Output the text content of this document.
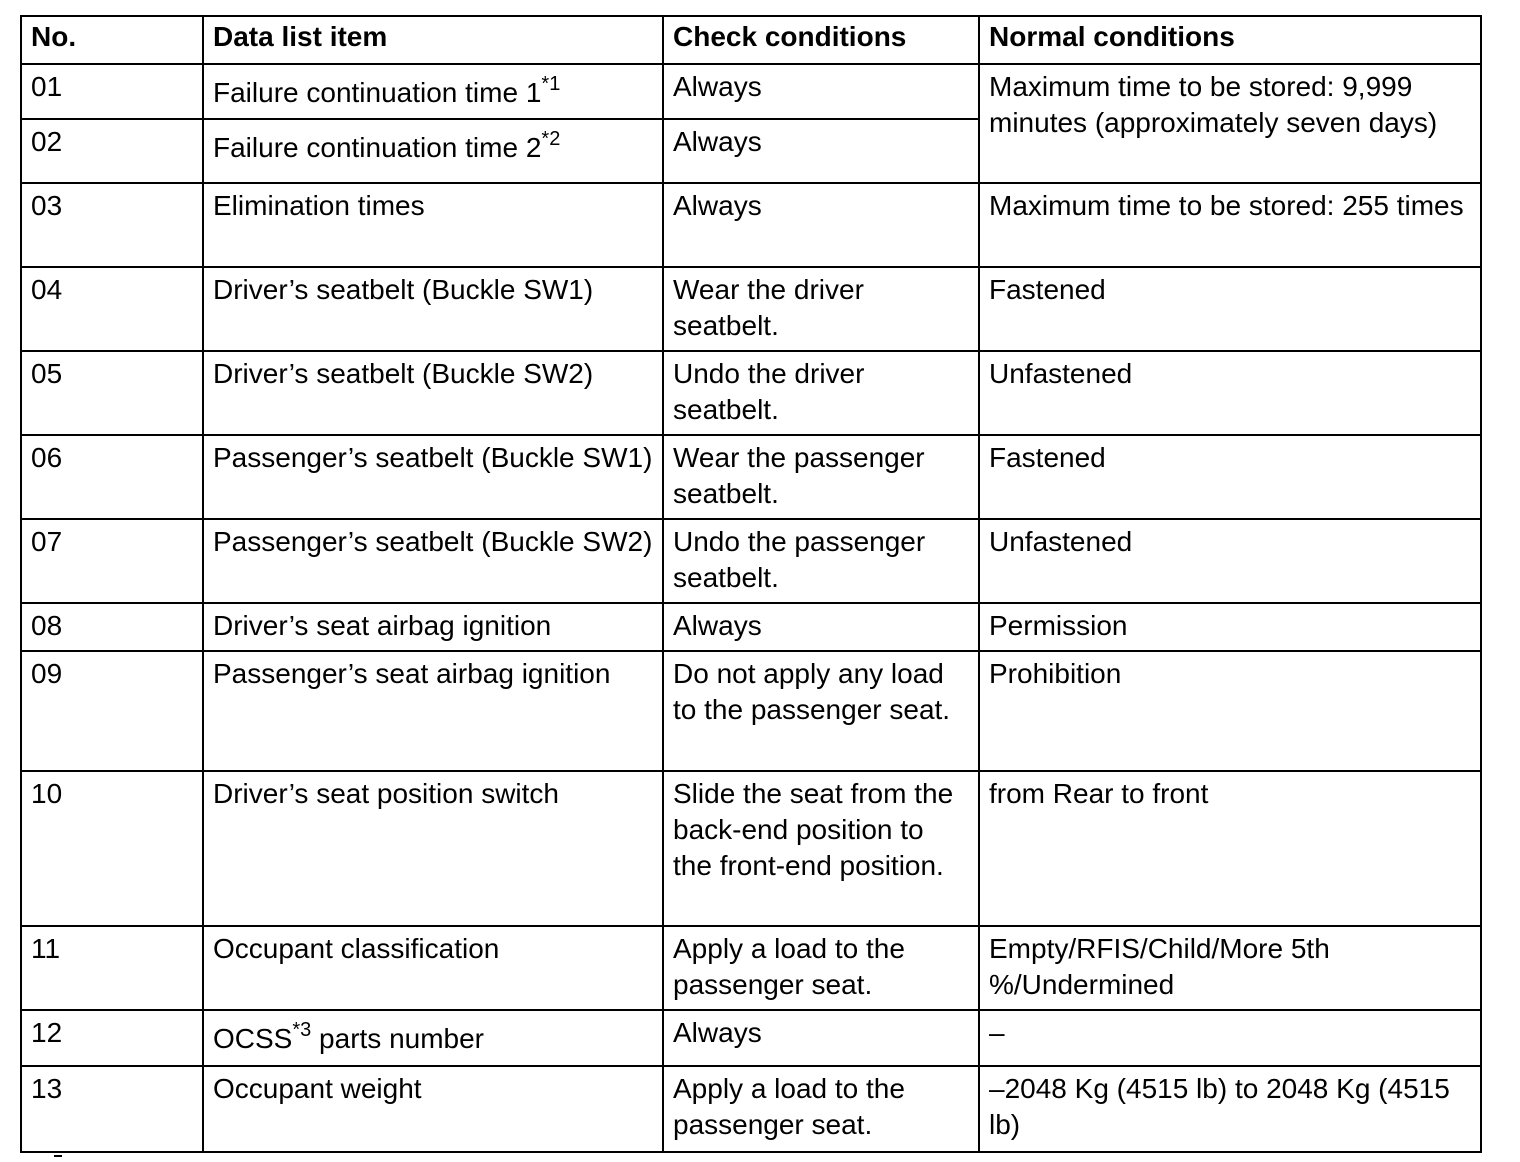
No.	Data list item	Check conditions	Normal conditions
01	Failure continuation time 1$^{*1}$	Always	Maximum time to be stored: 9,999 minutes (approximately seven days)
02	Failure continuation time 2$^{*2}$	Always	
03	Elimination times	Always	Maximum time to be stored: 255 times
04	Driver’s seatbelt (Buckle SW1)	Wear the driver seatbelt.	Fastened
05	Driver’s seatbelt (Buckle SW2)	Undo the driver seatbelt.	Unfastened
06	Passenger’s seatbelt (Buckle SW1)	Wear the passenger seatbelt.	Fastened
07	Passenger’s seatbelt (Buckle SW2)	Undo the passenger seatbelt.	Unfastened
08	Driver’s seat airbag ignition	Always	Permission
09	Passenger’s seat airbag ignition	Do not apply any load to the passenger seat.	Prohibition
10	Driver’s seat position switch	Slide the seat from the back-end position to the front-end position.	from Rear to front
11	Occupant classification	Apply a load to the passenger seat.	Empty/RFIS/Child/More 5th %/Undermined
12	OCSS$^{*3}$ parts number	Always	–
13	Occupant weight	Apply a load to the passenger seat.	–2048 Kg (4515 lb) to 2048 Kg (4515 lb)
